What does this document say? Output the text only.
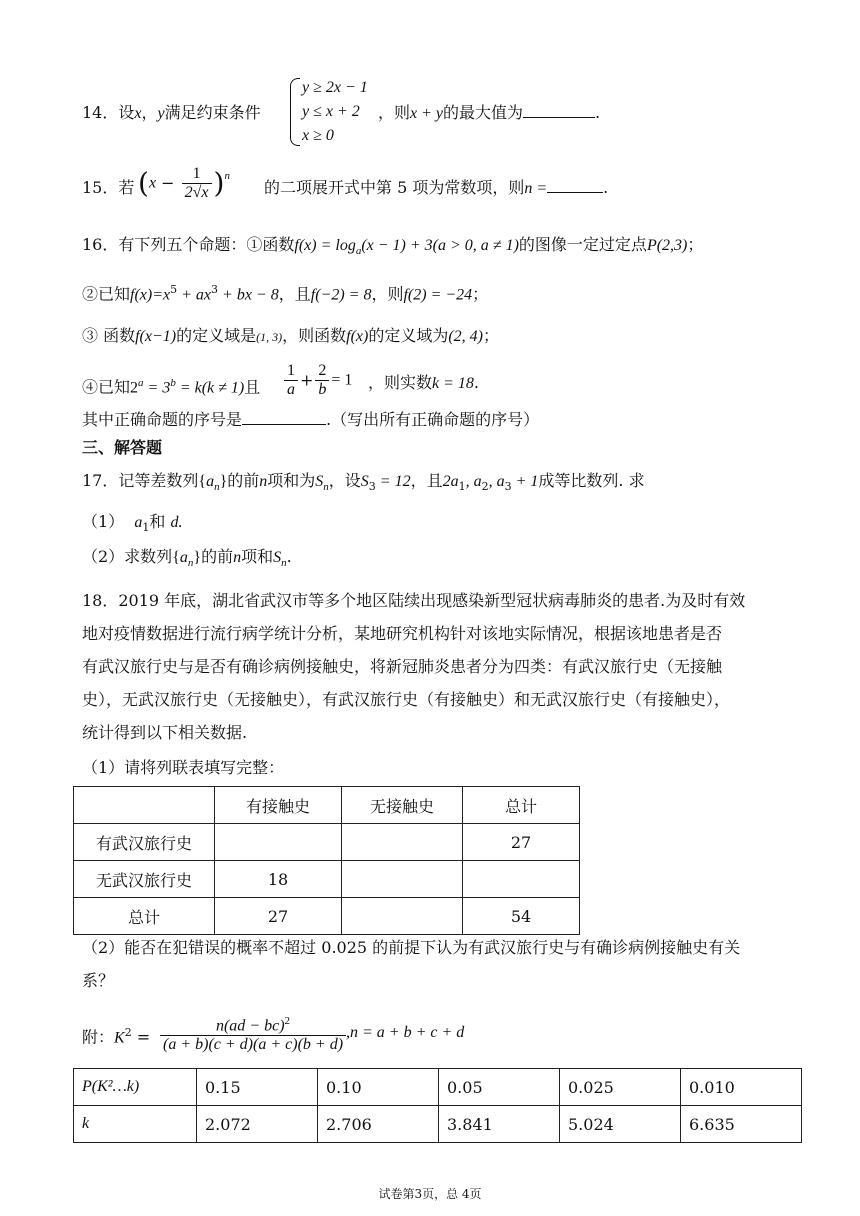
14．设x，y满足约束条件
y ≥ 2x − 1
y ≤ x + 2
x ≥ 0
，则x + y的最大值为	.
15．若 $(x - \frac{1}{2√x} )^n$
的二项展开式中第 5 项为常数项，则n =	.
16．有下列五个命题：①函数$f(x) = \log_a(x - 1) + 3(a > 0$, a ≠ 1)的图像一定过定点P(2,3)；
②已知$f(x)=x^5 + ax^3$ + bx − 8，且f(−2) = 8，则f(2) = −24；
③ 函数f(x−1)的定义域是(1, 3)，则函数f(x)的定义域为(2, 4)；
④已知$2^a = 3^b = k(k \ne 1)$且 $\frac{1}{a} + \frac{2}{b} = 1$ ，则实数k = 18.
其中正确命题的序号是	.（写出所有正确命题的序号）
三、解答题
17．记等差数列$\{a_n\}$的前n项和为$S_n$，设$S_3 = 12$，且$2a_1$, $a_2$, $a_3 + 1$成等比数列. 求
（1） $a_1$和 d.
（2）求数列$\{a_n\}$的前n项和$S_n$.
18．2019 年底，湖北省武汉市等多个地区陆续出现感染新型冠状病毒肺炎的患者.为及时有效
地对疫情数据进行流行病学统计分析，某地研究机构针对该地实际情况，根据该地患者是否
有武汉旅行史与是否有确诊病例接触史，将新冠肺炎患者分为四类：有武汉旅行史（无接触
史），无武汉旅行史（无接触史），有武汉旅行史（有接触史）和无武汉旅行史（有接触史），
统计得到以下相关数据.
（1）请将列联表填写完整：
	有接触史	无接触史	总计
有武汉旅行史			27
无武汉旅行史	18		
总计	27		54
（2）能否在犯错误的概率不超过 0.025 的前提下认为有武汉旅行史与有确诊病例接触史有关
系？
附：$K^2 = \frac{n(ad - bc)^2}{(a + b)(c + d)(a + c)(b + d)} ,n = a + b + c + d$
P(K²…k)	0.15	0.10	0.05	0.025	0.010
k	2.072	2.706	3.841	5.024	6.635
试卷第3页，总 4页
